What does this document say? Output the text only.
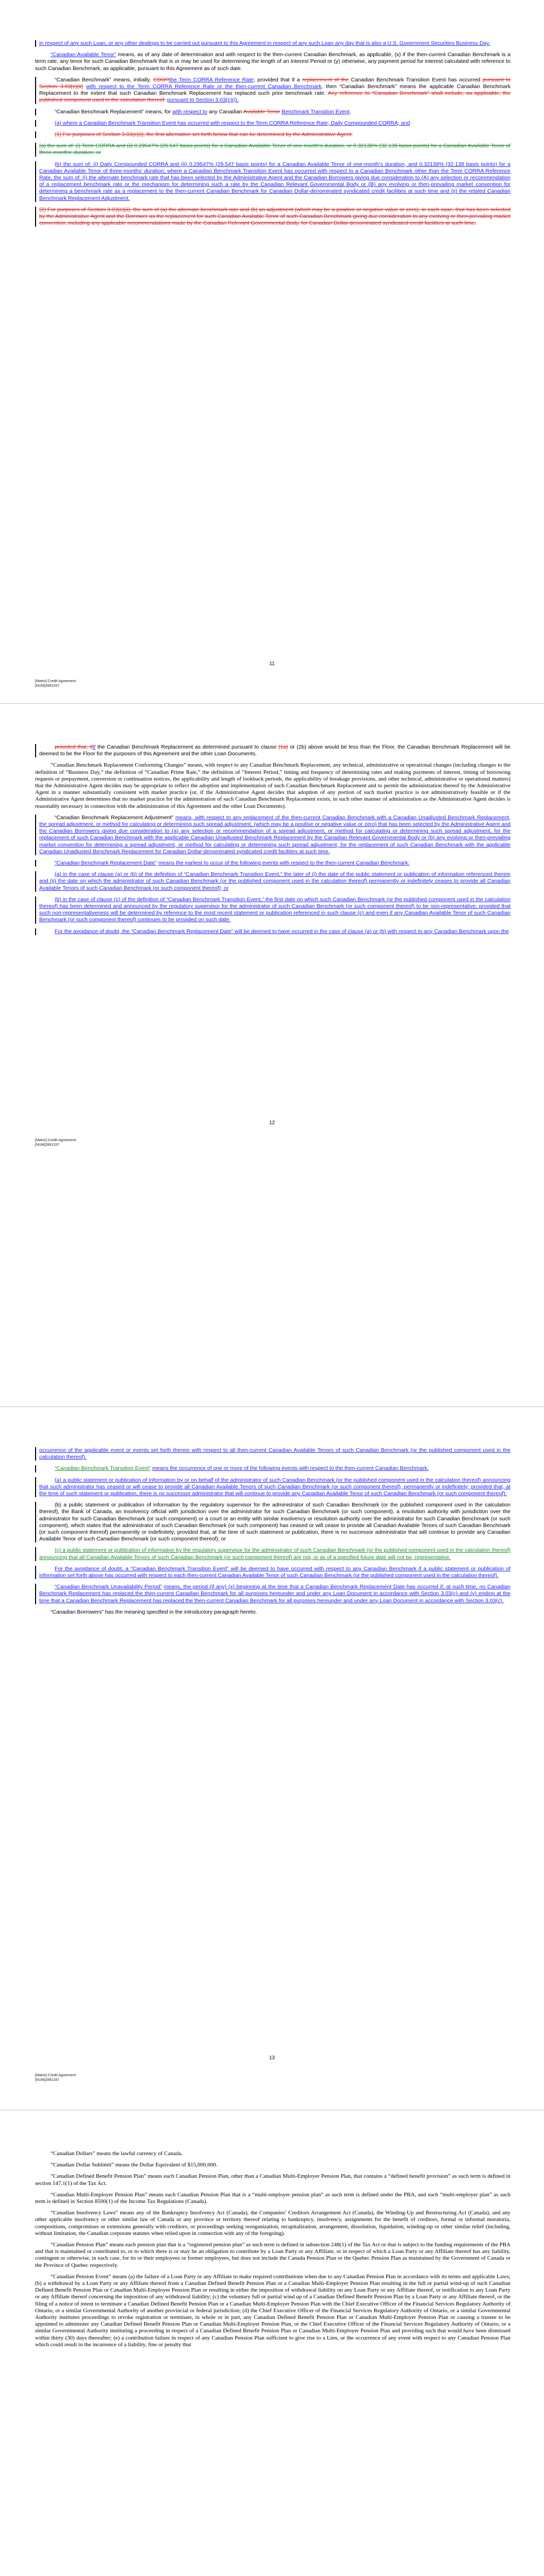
in respect of any such Loan, or any other dealings to be carried out pursuant to this Agreement in respect of any such Loan any day that is also a U.S. Government Securities Business Day.

“Canadian Available Tenor” means, as of any date of determination and with respect to the then-current Canadian Benchmark, as applicable, (x) if the then-current Canadian Benchmark is a term rate, any tenor for such Canadian Benchmark that is or may be used for determining the length of an Interest Period or (y) otherwise, any payment period for interest calculated with reference to such Canadian Benchmark, as applicable, pursuant to this Agreement as of such date.

“Canadian Benchmark” means, initially, CDORthe Term CORRA Reference Rate; provided that if a replacement of the Canadian Benchmark Transition Event has occurred pursuant to Section 3.03(c)(ii) with respect to the Term CORRA Reference Rate or the then-current Canadian Benchmark, then “Canadian Benchmark” means the applicable Canadian Benchmark Replacement to the extent that such Canadian Benchmark Replacement has replaced such prior benchmark rate. Any reference to “Canadian Benchmark” shall include, as applicable, the published component used in the calculation thereof. pursuant to Section 3.03(c)(i).

“Canadian Benchmark Replacement” means, for with respect to any Canadian Available Tenor Benchmark Transition Event,

(a) where a Canadian Benchmark Transition Event has occurred with respect to the Term CORRA Reference Rate, Daily Compounded CORRA; and

(1) For purposes of Section 3.03(c)(i), the first alternative set forth below that can be determined by the Administrative Agent:

(a) the sum of: (i) Term CORRA and (ii) 0.29547% (29.547 basis points) for a Canadian Available Tenor of one-month’s duration, or 0.32138% (32.138 basis points) for a Canadian Available Tenor of three-months’ duration; or

(b) the sum of: (i) Daily Compounded CORRA and (ii) 0.29547% (29.547 basis points) for a Canadian Available Tenor of one-month’s duration, and 0.32138% (32.138 basis points) for a Canadian Available Tenor of three-months’ duration; where a Canadian Benchmark Transition Event has occurred with respect to a Canadian Benchmark other than the Term CORRA Reference Rate, the sum of: (i) the alternate benchmark rate that has been selected by the Administrative Agent and the Canadian Borrowers giving due consideration to (A) any selection or recommendation of a replacement benchmark rate or the mechanism for determining such a rate by the Canadian Relevant Governmental Body or (B) any evolving or then-prevailing market convention for determining a benchmark rate as a replacement to the then-current Canadian Benchmark for Canadian Dollar-denominated syndicated credit facilities at such time and (ii) the related Canadian Benchmark Replacement Adjustment.

(2) For purposes of Section 3.03(c)(ii), the sum of (a) the alternate benchmark rate and (b) an adjustment (which may be a positive or negative value or zero), in each case, that has been selected by the Administrative Agent and the Borrower as the replacement for such Canadian Available Tenor of such Canadian Benchmark giving due consideration to any evolving or then-prevailing market convention, including any applicable recommendations made by the Canadian Relevant Governmental Body, for Canadian Dollar-denominated syndicated credit facilities at such time;

11
[Matrix] Credit Agreement
[NUM]2891337

provided that, ifIf the Canadian Benchmark Replacement as determined pursuant to clause (1a) or (2b) above would be less than the Floor, the Canadian Benchmark Replacement will be deemed to be the Floor for the purposes of this Agreement and the other Loan Documents.

“Canadian Benchmark Replacement Conforming Changes” means, with respect to any Canadian Benchmark Replacement, any technical, administrative or operational changes (including changes to the definition of “Business Day,” the definition of “Canadian Prime Rate,” the definition of “Interest Period,” timing and frequency of determining rates and making payments of interest, timing of borrowing requests or prepayment, conversion or continuation notices, the applicability and length of lookback periods, the applicability of breakage provisions, and other technical, administrative or operational matters) that the Administrative Agent decides may be appropriate to reflect the adoption and implementation of such Canadian Benchmark Replacement and to permit the administration thereof by the Administrative Agent in a manner substantially consistent with market practice (or, if the Administrative Agent decides that adoption of any portion of such market practice is not administratively feasible or if the Administrative Agent determines that no market practice for the administration of such Canadian Benchmark Replacement exists, in such other manner of administration as the Administrative Agent decides is reasonably necessary in connection with the administration of this Agreement and the other Loan Documents).

“Canadian Benchmark Replacement Adjustment” means, with respect to any replacement of the then-current Canadian Benchmark with a Canadian Unadjusted Benchmark Replacement, the spread adjustment, or method for calculating or determining such spread adjustment, (which may be a positive or negative value or zero) that has been selected by the Administrative Agent and the Canadian Borrowers giving due consideration to (a) any selection or recommendation of a spread adjustment, or method for calculating or determining such spread adjustment, for the replacement of such Canadian Benchmark with the applicable Canadian Unadjusted Benchmark Replacement by the Canadian Relevant Governmental Body or (b) any evolving or then-prevailing market convention for determining a spread adjustment, or method for calculating or determining such spread adjustment, for the replacement of such Canadian Benchmark with the applicable Canadian Unadjusted Benchmark Replacement for Canadian Dollar-denominated syndicated credit facilities at such time.

“Canadian Benchmark Replacement Date” means the earliest to occur of the following events with respect to the then-current Canadian Benchmark:

(a) in the case of clause (a) or (b) of the definition of “Canadian Benchmark Transition Event,” the later of (i) the date of the public statement or publication of information referenced therein and (ii) the date on which the administrator of such Canadian Benchmark (or the published component used in the calculation thereof) permanently or indefinitely ceases to provide all Canadian Available Tenors of such Canadian Benchmark (or such component thereof); or

(b) in the case of clause (c) of the definition of “Canadian Benchmark Transition Event,” the first date on which such Canadian Benchmark (or the published component used in the calculation thereof) has been determined and announced by the regulatory supervisor for the administrator of such Canadian Benchmark (or such component thereof) to be non-representative; provided that such non-representativeness will be determined by reference to the most recent statement or publication referenced in such clause (c) and even if any Canadian Available Tenor of such Canadian Benchmark (or such component thereof) continues to be provided on such date.

For the avoidance of doubt, the “Canadian Benchmark Replacement Date” will be deemed to have occurred in the case of clause (a) or (b) with respect to any Canadian Benchmark upon the

12
[Matrix] Credit Agreement
[NUM]2891337

occurrence of the applicable event or events set forth therein with respect to all then-current Canadian Available Tenors of such Canadian Benchmark (or the published component used in the calculation thereof).

“Canadian Benchmark Transition Event” means the occurrence of one or more of the following events with respect to the then-current Canadian Benchmark:

(a) a public statement or publication of information by or on behalf of the administrator of such Canadian Benchmark (or the published component used in the calculation thereof) announcing that such administrator has ceased or will cease to provide all Canadian Available Tenors of such Canadian Benchmark (or such component thereof), permanently or indefinitely; provided that, at the time of such statement or publication, there is no successor administrator that will continue to provide any Canadian Available Tenor of such Canadian Benchmark (or such component thereof);

(b) a public statement or publication of information by the regulatory supervisor for the administrator of such Canadian Benchmark (or the published component used in the calculation thereof), the Bank of Canada, an insolvency official with jurisdiction over the administrator for such Canadian Benchmark (or such component), a resolution authority with jurisdiction over the administrator for such Canadian Benchmark (or such component) or a court or an entity with similar insolvency or resolution authority over the administrator for such Canadian Benchmark (or such component), which states that the administrator of such Canadian Benchmark (or such component) has ceased or will cease to provide all Canadian Available Tenors of such Canadian Benchmark (or such component thereof) permanently or indefinitely; provided that, at the time of such statement or publication, there is no successor administrator that will continue to provide any Canadian Available Tenor of such Canadian Benchmark (or such component thereof); or

(c) a public statement or publication of information by the regulatory supervisor for the administrator of such Canadian Benchmark (or the published component used in the calculation thereof) announcing that all Canadian Available Tenors of such Canadian Benchmark (or such component thereof) are not, or as of a specified future date will not be, representative.

For the avoidance of doubt, a “Canadian Benchmark Transition Event” will be deemed to have occurred with respect to any Canadian Benchmark if a public statement or publication of information set forth above has occurred with respect to each then-current Canadian Available Tenor of such Canadian Benchmark (or the published component used in the calculation thereof).

“Canadian Benchmark Unavailability Period” means, the period (if any) (x) beginning at the time that a Canadian Benchmark Replacement Date has occurred if, at such time, no Canadian Benchmark Replacement has replaced the then-current Canadian Benchmark for all purposes hereunder and under any Loan Document in accordance with Section 3.03(c) and (y) ending at the time that a Canadian Benchmark Replacement has replaced the then-current Canadian Benchmark for all purposes hereunder and under any Loan Document in accordance with Section 3.03(c).

“Canadian Borrowers” has the meaning specified in the introductory paragraph hereto.

13
[Matrix] Credit Agreement
[NUM]2891337

“Canadian Dollars” means the lawful currency of Canada.

“Canadian Dollar Sublimit” means the Dollar Equivalent of $15,000,000.

“Canadian Defined Benefit Pension Plan” means each Canadian Pension Plan, other than a Canadian Multi-Employer Pension Plan, that contains a “defined benefit provision” as such term is defined in section 147.1(1) of the Tax Act.

“Canadian Multi-Employer Pension Plan” means each Canadian Pension Plan that is a “multi-employer pension plan” as such term is defined under the PBA, and each “multi-employer plan” as such term is defined in Section 8500(1) of the Income Tax Regulations (Canada).

“Canadian Insolvency Laws” means any of the Bankruptcy Insolvency Act (Canada), the Companies’ Creditors Arrangement Act (Canada), the Winding-Up and Restructuring Act (Canada), and any other applicable insolvency or other similar law of Canada or any province or territory thereof relating to bankruptcy, insolvency, assignments for the benefit of creditors, formal or informal moratoria, compositions, compromises or extensions generally with creditors, or proceedings seeking reorganization, recapitalization, arrangement, dissolution, liquidation, winding-up or other similar relief (including, without limitation, the Canadian corporate statutes when relied upon in connection with any of the foregoing).

“Canadian Pension Plan” means each pension plan that is a “registered pension plan” as such term is defined in subsection 248(1) of the Tax Act or that is subject to the funding requirements of the PBA and that is maintained or contributed to, or to which there is or may be an obligation to contribute by a Loan Party or any Affiliate, or in respect of which a Loan Party or any Affiliate thereof has any liability, contingent or otherwise, in each case, for its or their employees or former employees, but does not include the Canada Pension Plan or the Quebec Pension Plan as maintained by the Government of Canada or the Province of Quebec respectively.

“Canadian Pension Event” means (a) the failure of a Loan Party or any Affiliate to make required contributions when due to any Canadian Pension Plan in accordance with its terms and applicable Laws; (b) a withdrawal by a Loan Party or any Affiliate thereof from a Canadian Defined Benefit Pension Plan or a Canadian Multi-Employer Pension Plan resulting in the full or partial wind-up of such Canadian Defined Benefit Pension Plan or Canadian Multi-Employer Pension Plan or resulting in either the imposition of withdrawal liability on any Loan Party or any Affiliate thereof, or notification to any Loan Party or any Affiliate thereof concerning the imposition of any withdrawal liability; (c) the voluntary full or partial wind up of a Canadian Defined Benefit Pension Plan by a Loan Party or any Affiliate thereof, or the filing of a notice of intent to terminate a Canadian Defined Benefit Pension Plan or a Canadian Multi-Employer Pension Plan with the Chief Executive Officer of the Financial Services Regulatory Authority of Ontario, or a similar Governmental Authority of another provincial or federal jurisdiction; (d) the Chief Executive Officer of the Financial Services Regulatory Authority of Ontario, or a similar Governmental Authority institutes proceedings to revoke registration or terminate, in whole or in part, any Canadian Defined Benefit Pension Plan or Canadian Multi-Employer Pension Plan or causing a trustee to be appointed to administer any Canadian Defined Benefit Pension Plan or Canadian Multi-Employer Pension Plan, or the Chief Executive Officer of the Financial Services Regulatory Authority of Ontario, or a similar Governmental Authority instituting a proceeding in respect of a Canadian Defined Benefit Pension Plan or Canadian Multi-Employer Pension Plan and providing such that would have been dismissed within thirty (30) days thereafter; (e) a contribution failure in respect of any Canadian Pension Plan sufficient to give rise to a Lien, or the occurrence of any event with respect to any Canadian Pension Plan which could result in the incurrence of a liability, fine or penalty that
